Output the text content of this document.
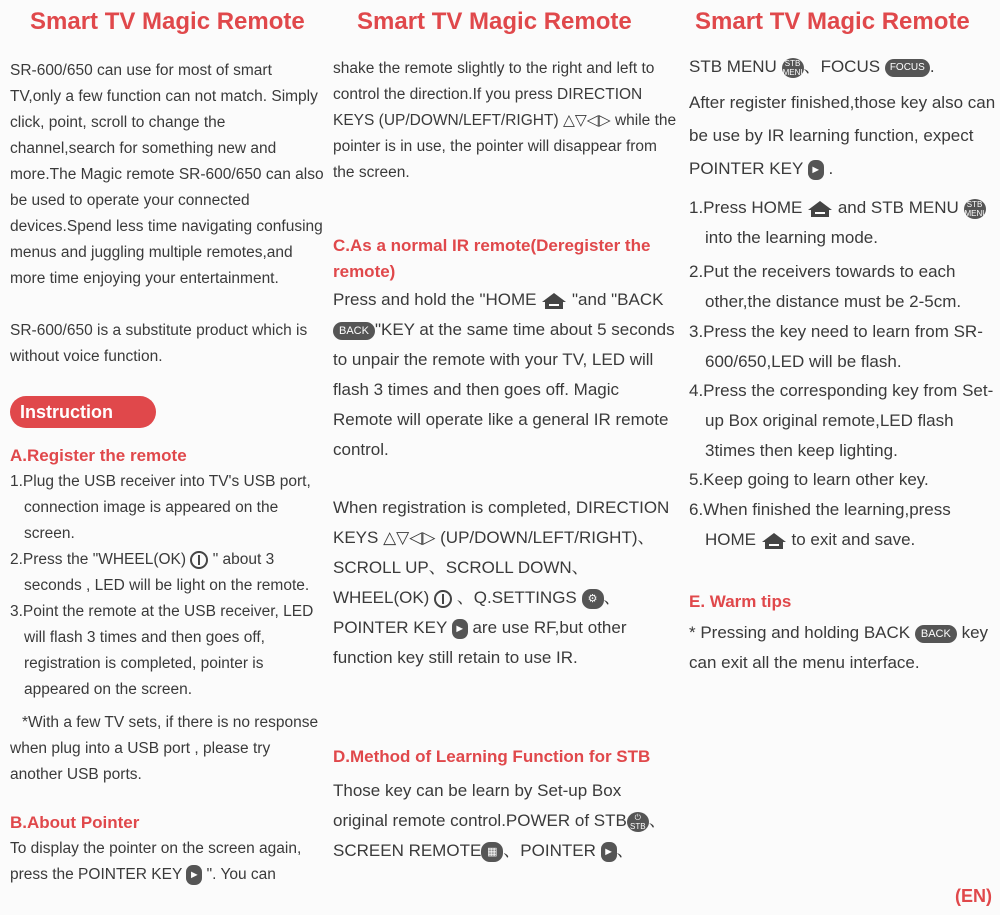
Smart TV Magic Remote

SR-600/650 can use for most of smart TV,only a few function can not match. Simply click, point, scroll to change the channel,search for something new and more.The Magic remote SR-600/650 can also be used to operate your connected devices.Spend less time navigating confusing menus and juggling multiple remotes,and more time enjoying your entertainment.

SR-600/650 is a substitute product which is without voice function.

Instruction

A.Register the remote

1.Plug the USB receiver into TV's USB port, connection image is appeared on the screen.

2.Press the "WHEEL(OK) " about 3 seconds , LED will be light on the remote.

3.Point the remote at the USB receiver, LED will flash 3 times and then goes off, registration is completed, pointer is appeared on the screen.

*With a few TV sets, if there is no response when plug into a USB port , please try another USB ports.

B.About Pointer

To display the pointer on the screen again, press the POINTER KEY ► ". You can

Smart TV Magic Remote

shake the remote slightly to the right and left to control the direction.If you press DIRECTION KEYS (UP/DOWN/LEFT/RIGHT) △▽◁▷ while the pointer is in use, the pointer will disappear from the screen.

C.As a normal IR remote(Deregister the remote)

Press and hold the "HOME "and "BACKBACK "KEY at the same time about 5 seconds to unpair the remote with your TV, LED will flash 3 times and then goes off. Magic Remote will operate like a general IR remote control.

When registration is completed, DIRECTION KEYS △▽◁▷ (UP/DOWN/LEFT/RIGHT)、SCROLL UP、SCROLL DOWN、WHEEL(OK) 、Q.SETTINGS ⚙ 、POINTER KEY ► are use RF,but other function key still retain to use IR.

D.Method of Learning Function for STB

Those key can be learn by Set-up Box original remote control.POWER of STB ⏻
STB 、SCREEN REMOTE ▦ 、POINTER ► 、

Smart TV Magic Remote

STB MENU STB MENU、FOCUS FOCUS .

After register finished,those key also can be use by IR learning function, expect POINTER KEY ► .

1.Press HOME and STB MENU STB MENU into the learning mode.

2.Put the receivers towards to each other,the distance must be 2-5cm.

3.Press the key need to learn from SR-600/650,LED will be flash.

4.Press the corresponding key from Set-up Box original remote,LED flash 3times then keep lighting.

5.Keep going to learn other key.

6.When finished the learning,press HOME to exit and save.

E. Warm tips

* Pressing and holding BACK BACK key can exit all the menu interface.

(EN)
